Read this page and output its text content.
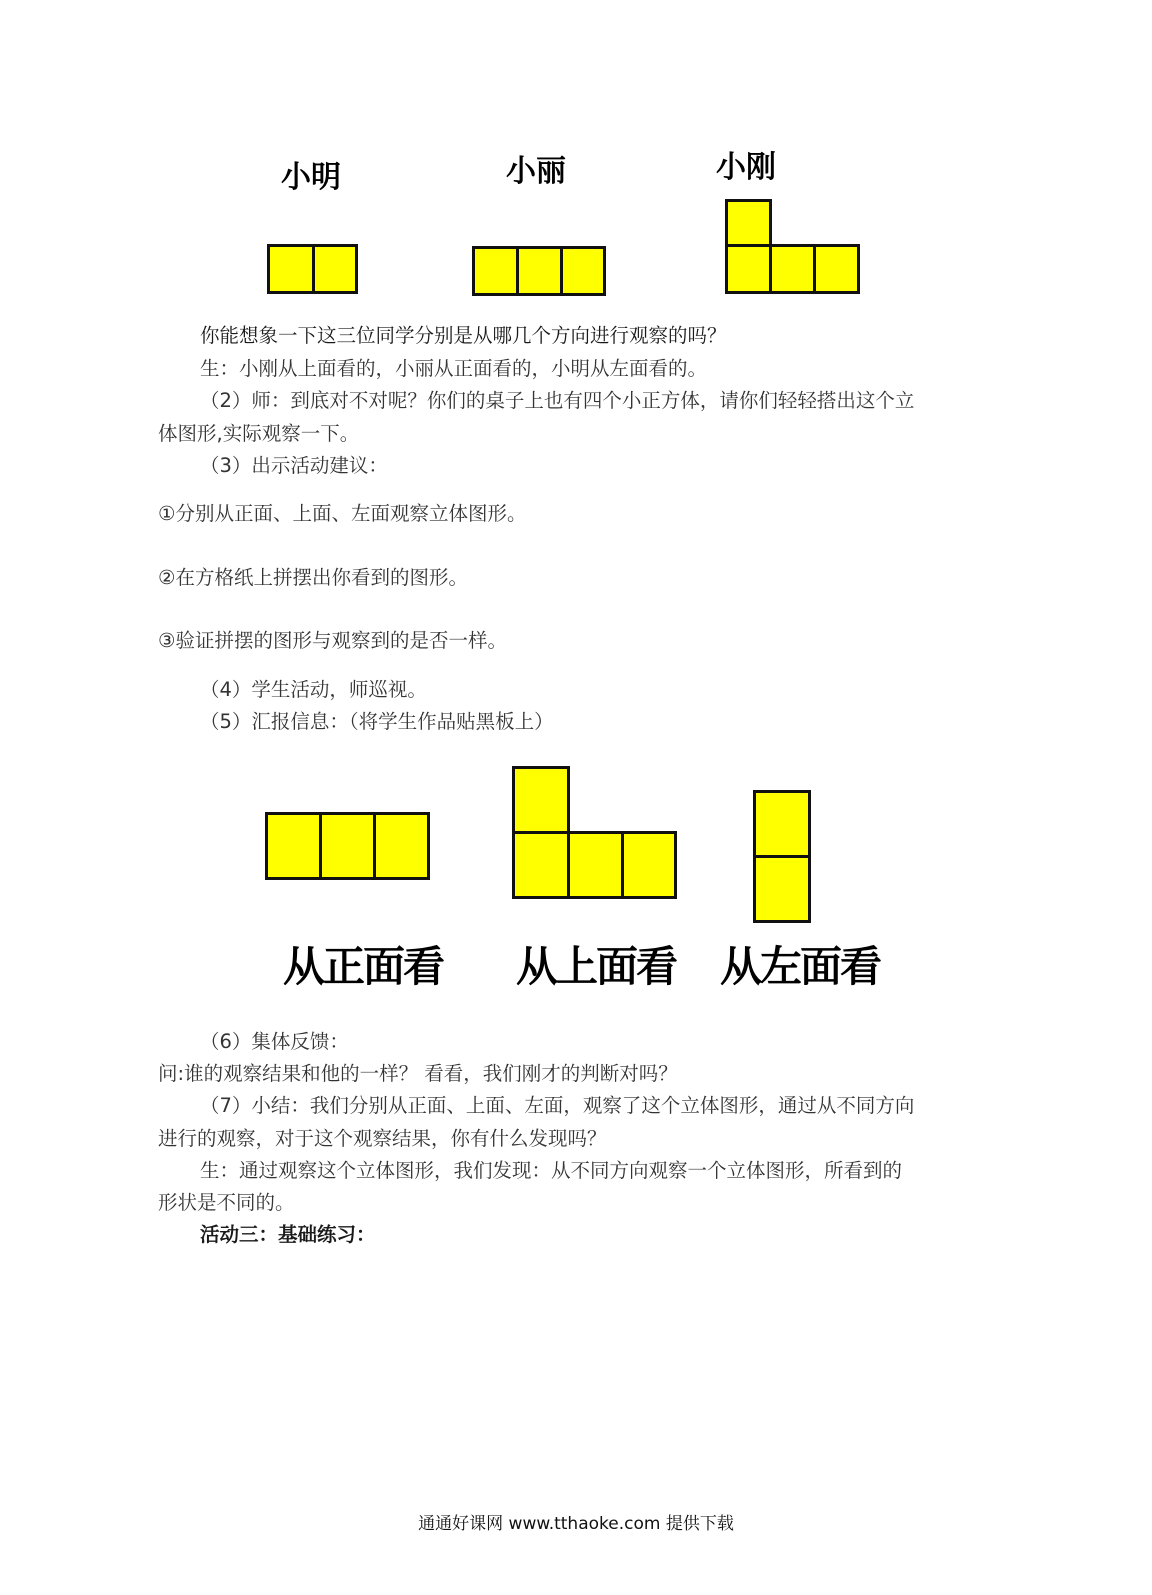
小明	小丽	小刚
你能想象一下这三位同学分别是从哪几个方向进行观察的吗？
生：小刚从上面看的，小丽从正面看的，小明从左面看的。
（2）师：到底对不对呢？你们的桌子上也有四个小正方体，请你们轻轻搭出这个立
体图形,实际观察一下。
（3）出示活动建议：
①分别从正面、上面、左面观察立体图形。
②在方格纸上拼摆出你看到的图形。
③验证拼摆的图形与观察到的是否一样。
（4）学生活动，师巡视。
（5）汇报信息：（将学生作品贴黑板上）
从正面看 从上面看 从左面看
（6）集体反馈：
问:谁的观察结果和他的一样？ 看看，我们刚才的判断对吗？
（7）小结：我们分别从正面、上面、左面，观察了这个立体图形，通过从不同方向
进行的观察，对于这个观察结果，你有什么发现吗？
生：通过观察这个立体图形，我们发现：从不同方向观察一个立体图形，所看到的
形状是不同的。
活动三：基础练习：
通通好课网 www.tthaoke.com 提供下载
